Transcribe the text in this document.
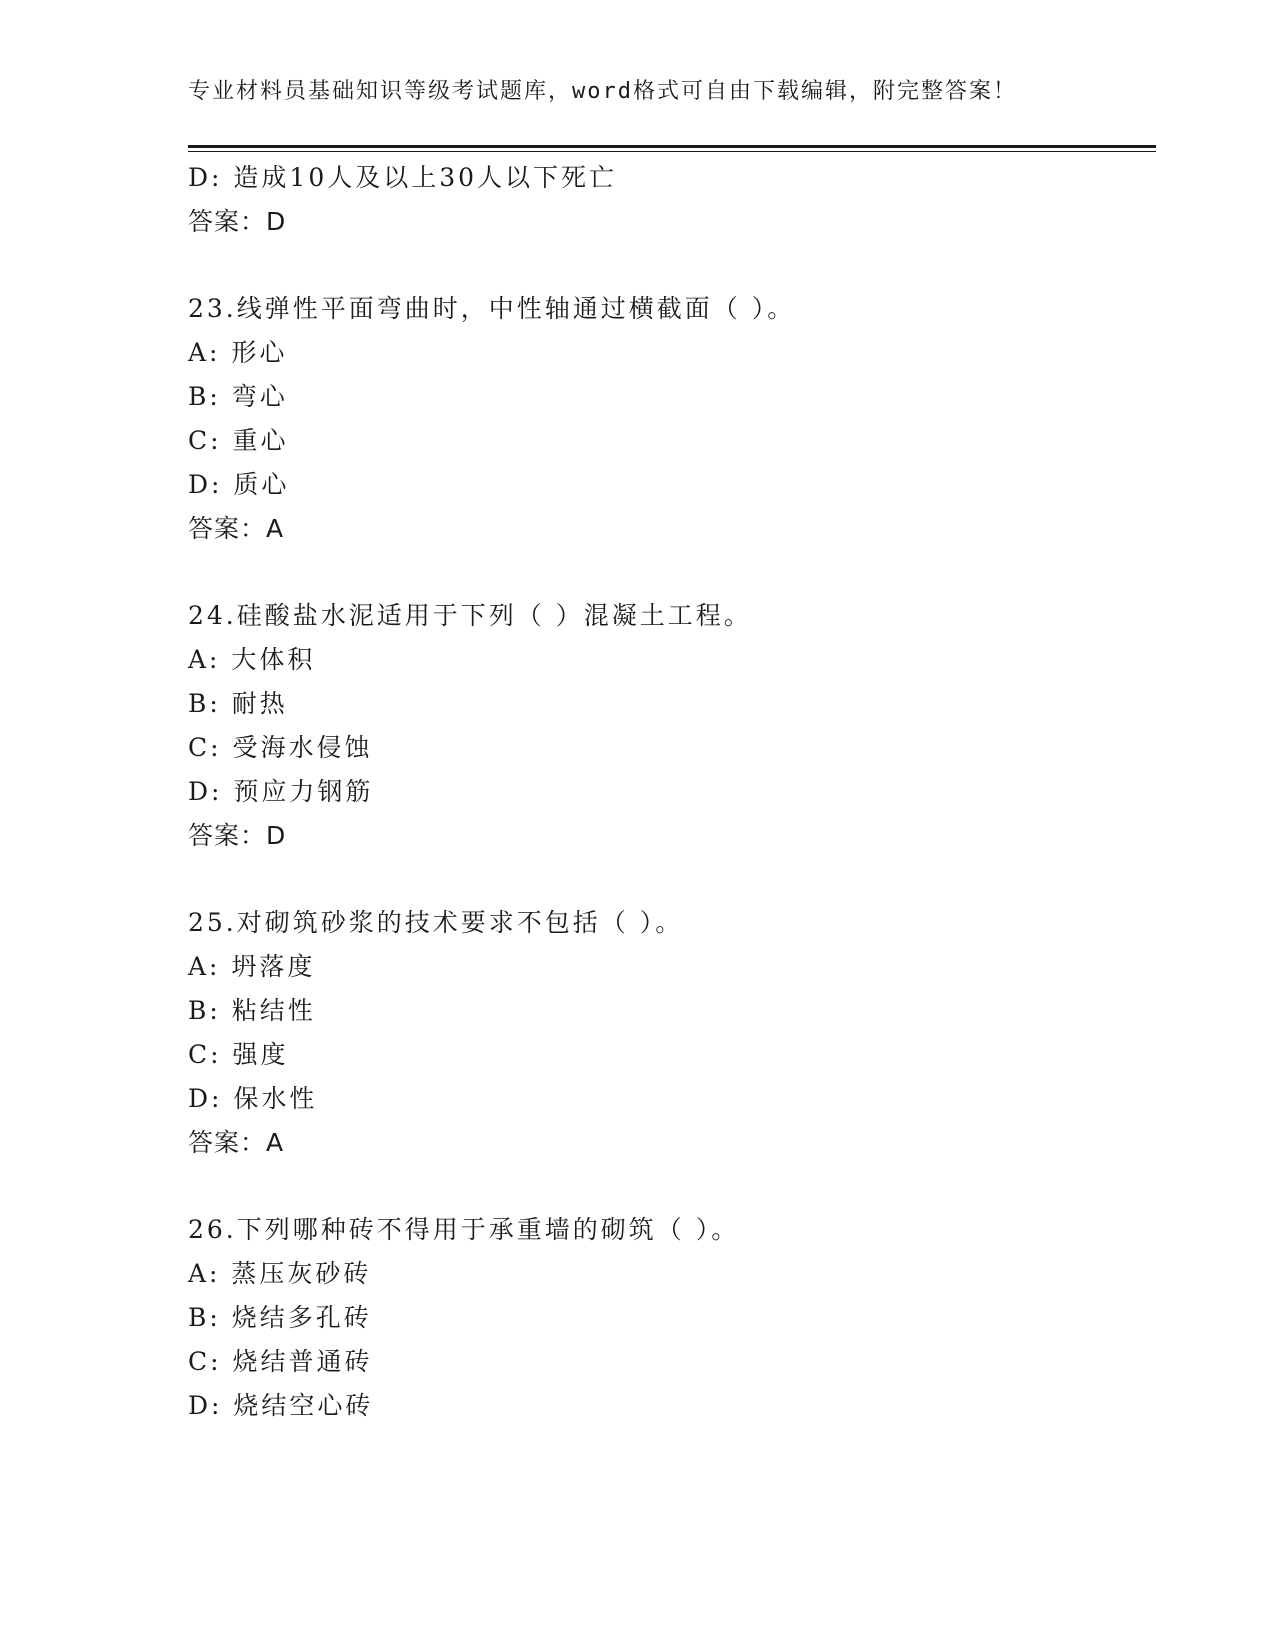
专业材料员基础知识等级考试题库，word格式可自由下载编辑，附完整答案！
D: 造成10人及以上30人以下死亡
答案：D
23.线弹性平面弯曲时，中性轴通过横截面（ ）。
A: 形心
B: 弯心
C: 重心
D: 质心
答案：A
24.硅酸盐水泥适用于下列（ ）混凝土工程。
A: 大体积
B: 耐热
C: 受海水侵蚀
D: 预应力钢筋
答案：D
25.对砌筑砂浆的技术要求不包括（ ）。
A: 坍落度
B: 粘结性
C: 强度
D: 保水性
答案：A
26.下列哪种砖不得用于承重墙的砌筑（ ）。
A: 蒸压灰砂砖
B: 烧结多孔砖
C: 烧结普通砖
D: 烧结空心砖
